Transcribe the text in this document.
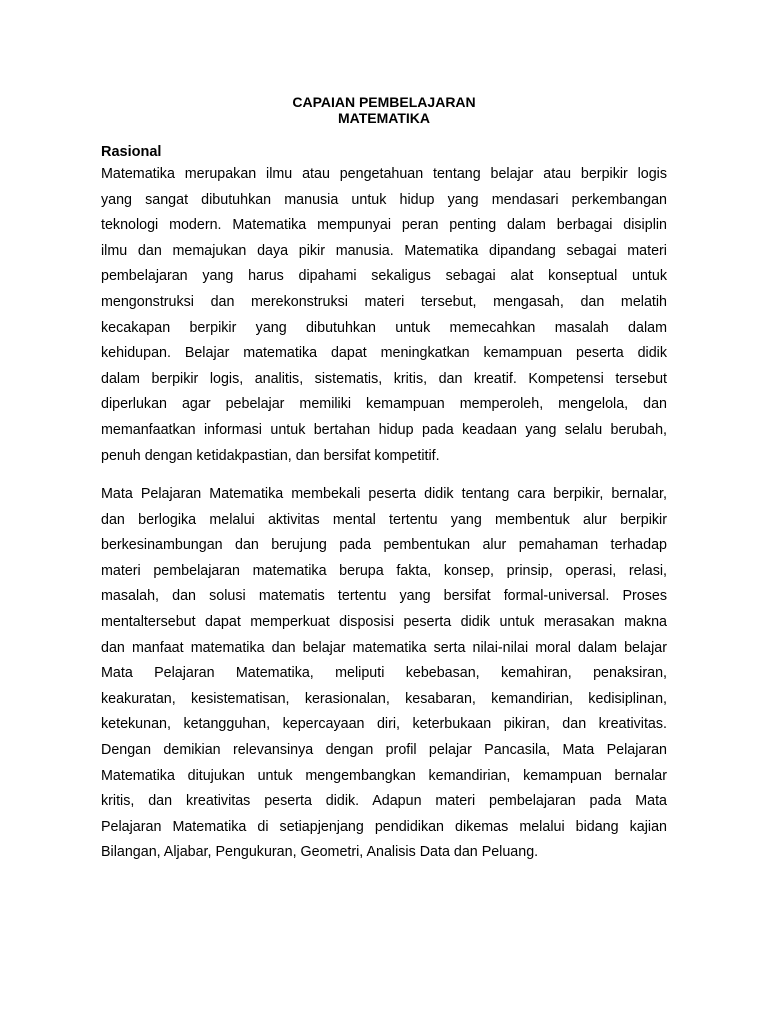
CAPAIAN PEMBELAJARAN
MATEMATIKA
Rasional
Matematika merupakan ilmu atau pengetahuan tentang belajar atau berpikir logis
yang sangat dibutuhkan manusia untuk hidup yang mendasari perkembangan
teknologi modern. Matematika mempunyai peran penting dalam berbagai disiplin
ilmu dan memajukan daya pikir manusia. Matematika dipandang sebagai materi
pembelajaran yang harus dipahami sekaligus sebagai alat konseptual untuk
mengonstruksi dan merekonstruksi materi tersebut, mengasah, dan melatih
kecakapan berpikir yang dibutuhkan untuk memecahkan masalah dalam
kehidupan. Belajar matematika dapat meningkatkan kemampuan peserta didik
dalam berpikir logis, analitis, sistematis, kritis, dan kreatif. Kompetensi tersebut
diperlukan agar pebelajar memiliki kemampuan memperoleh, mengelola, dan
memanfaatkan informasi untuk bertahan hidup pada keadaan yang selalu berubah,
penuh dengan ketidakpastian, dan bersifat kompetitif.
Mata Pelajaran Matematika membekali peserta didik tentang cara berpikir, bernalar,
dan berlogika melalui aktivitas mental tertentu yang membentuk alur berpikir
berkesinambungan dan berujung pada pembentukan alur pemahaman terhadap
materi pembelajaran matematika berupa fakta, konsep, prinsip, operasi, relasi,
masalah, dan solusi matematis tertentu yang bersifat formal-universal. Proses
mentaltersebut dapat memperkuat disposisi peserta didik untuk merasakan makna
dan manfaat matematika dan belajar matematika serta nilai-nilai moral dalam belajar
Mata Pelajaran Matematika, meliputi kebebasan, kemahiran, penaksiran,
keakuratan, kesistematisan, kerasionalan, kesabaran, kemandirian, kedisiplinan,
ketekunan, ketangguhan, kepercayaan diri, keterbukaan pikiran, dan kreativitas.
Dengan demikian relevansinya dengan profil pelajar Pancasila, Mata Pelajaran
Matematika ditujukan untuk mengembangkan kemandirian, kemampuan bernalar
kritis, dan kreativitas peserta didik. Adapun materi pembelajaran pada Mata
Pelajaran Matematika di setiapjenjang pendidikan dikemas melalui bidang kajian
Bilangan, Aljabar, Pengukuran, Geometri, Analisis Data dan Peluang.
